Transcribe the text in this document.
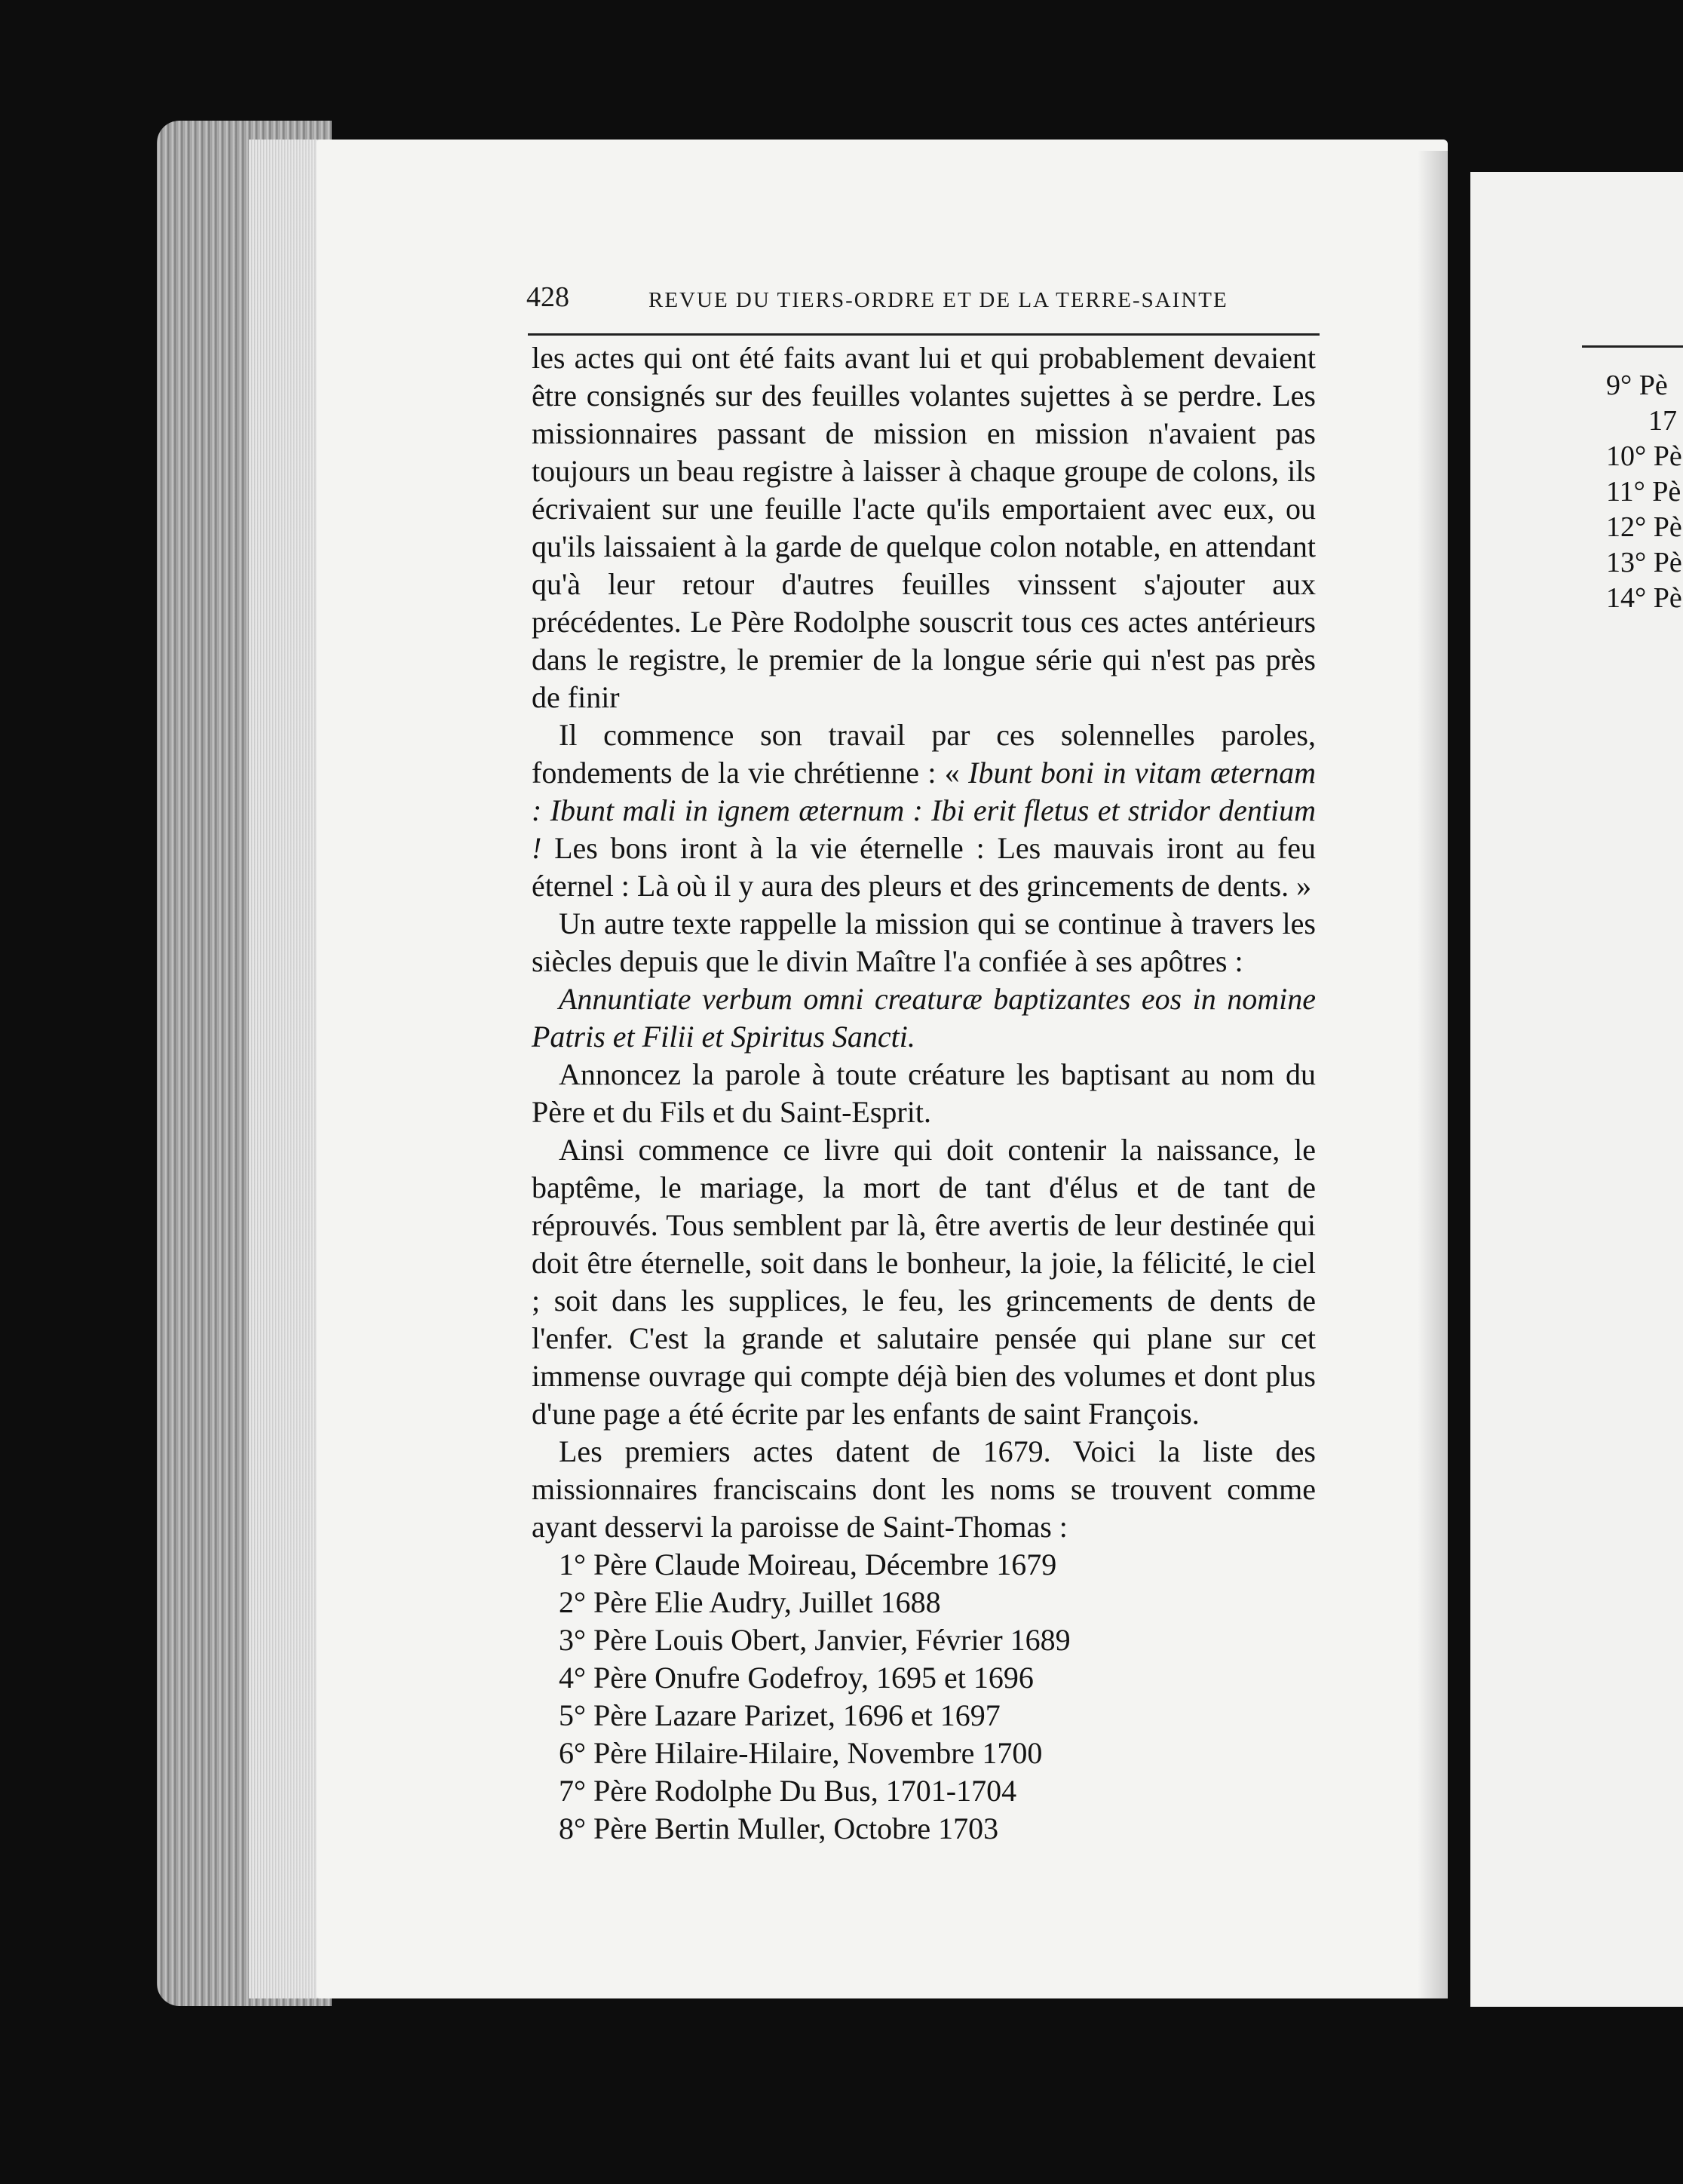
428	REVUE DU TIERS-ORDRE ET DE LA TERRE-SAINTE

les actes qui ont été faits avant lui et qui probablement devaient être consignés sur des feuilles volantes sujettes à se perdre. Les missionnaires passant de mission en mission n'avaient pas toujours un beau registre à laisser à chaque groupe de colons, ils écrivaient sur une feuille l'acte qu'ils emportaient avec eux, ou qu'ils laissaient à la garde de quelque colon notable, en attendant qu'à leur retour d'autres feuilles vinssent s'ajouter aux précédentes. Le Père Rodolphe souscrit tous ces actes antérieurs dans le registre, le premier de la longue série qui n'est pas près de finir

Il commence son travail par ces solennelles paroles, fondements de la vie chrétienne : « Ibunt boni in vitam æternam : Ibunt mali in ignem æternum : Ibi erit fletus et stridor dentium ! Les bons iront à la vie éternelle : Les mauvais iront au feu éternel : Là où il y aura des pleurs et des grincements de dents. »

Un autre texte rappelle la mission qui se continue à travers les siècles depuis que le divin Maître l'a confiée à ses apôtres :

Annuntiate verbum omni creaturæ baptizantes eos in nomine Patris et Filii et Spiritus Sancti.

Annoncez la parole à toute créature les baptisant au nom du Père et du Fils et du Saint-Esprit.

Ainsi commence ce livre qui doit contenir la naissance, le baptême, le mariage, la mort de tant d'élus et de tant de réprouvés. Tous semblent par là, être avertis de leur destinée qui doit être éternelle, soit dans le bonheur, la joie, la félicité, le ciel ; soit dans les supplices, le feu, les grincements de dents de l'enfer. C'est la grande et salutaire pensée qui plane sur cet immense ouvrage qui compte déjà bien des volumes et dont plus d'une page a été écrite par les enfants de saint François.

Les premiers actes datent de 1679. Voici la liste des missionnaires franciscains dont les noms se trouvent comme ayant desservi la paroisse de Saint-Thomas :

1° Père Claude Moireau, Décembre 1679
2° Père Elie Audry, Juillet 1688
3° Père Louis Obert, Janvier, Février 1689
4° Père Onufre Godefroy, 1695 et 1696
5° Père Lazare Parizet, 1696 et 1697
6° Père Hilaire-Hilaire, Novembre 1700
7° Père Rodolphe Du Bus, 1701-1704
8° Père Bertin Muller, Octobre 1703
9° Pè
17
10° Pè
11° Pè
12° Pè
13° Pè
14° Pè
